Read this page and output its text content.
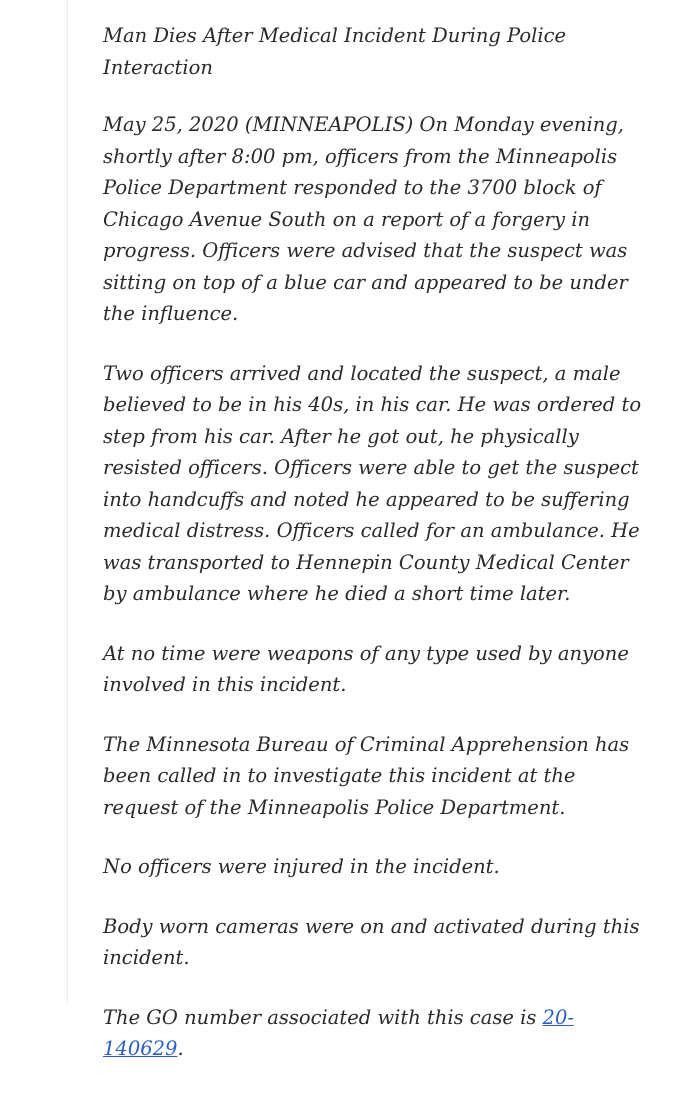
Man Dies After Medical Incident During Police Interaction

May 25, 2020 (MINNEAPOLIS) On Monday evening, shortly after 8:00 pm, officers from the Minneapolis Police Department responded to the 3700 block of Chicago Avenue South on a report of a forgery in progress. Officers were advised that the suspect was sitting on top of a blue car and appeared to be under the influence.

Two officers arrived and located the suspect, a male believed to be in his 40s, in his car. He was ordered to step from his car. After he got out, he physically resisted officers. Officers were able to get the suspect into handcuffs and noted he appeared to be suffering medical distress. Officers called for an ambulance. He was transported to Hennepin County Medical Center by ambulance where he died a short time later.

At no time were weapons of any type used by anyone involved in this incident.

The Minnesota Bureau of Criminal Apprehension has been called in to investigate this incident at the request of the Minneapolis Police Department.

No officers were injured in the incident.

Body worn cameras were on and activated during this incident.

The GO number associated with this case is 20-140629.
